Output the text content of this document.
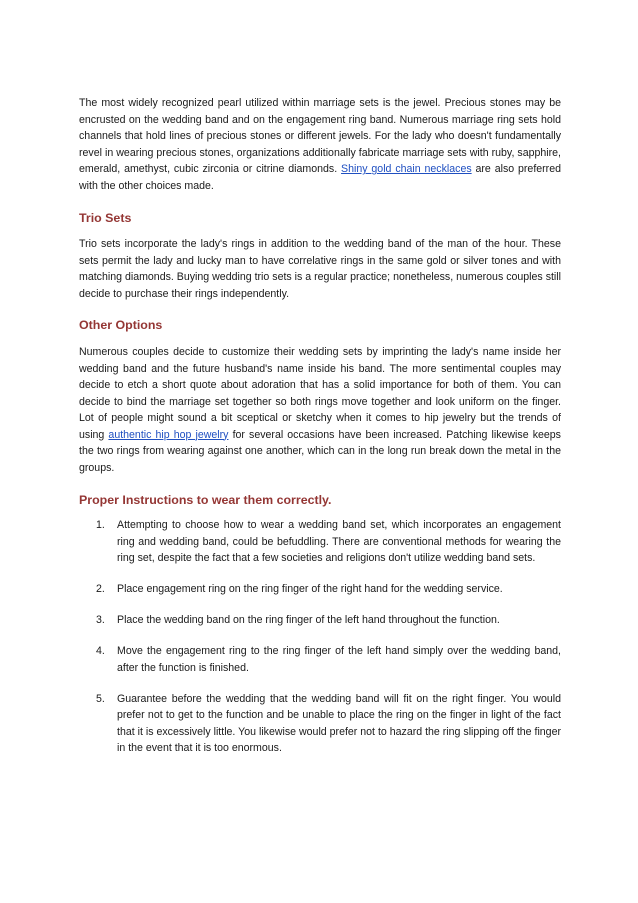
The most widely recognized pearl utilized within marriage sets is the jewel. Precious stones may be encrusted on the wedding band and on the engagement ring band. Numerous marriage ring sets hold channels that hold lines of precious stones or different jewels. For the lady who doesn't fundamentally revel in wearing precious stones, organizations additionally fabricate marriage sets with ruby, sapphire, emerald, amethyst, cubic zirconia or citrine diamonds. Shiny gold chain necklaces are also preferred with the other choices made.

Trio Sets

Trio sets incorporate the lady's rings in addition to the wedding band of the man of the hour. These sets permit the lady and lucky man to have correlative rings in the same gold or silver tones and with matching diamonds. Buying wedding trio sets is a regular practice; nonetheless, numerous couples still decide to purchase their rings independently.

Other Options

Numerous couples decide to customize their wedding sets by imprinting the lady's name inside her wedding band and the future husband's name inside his band. The more sentimental couples may decide to etch a short quote about adoration that has a solid importance for both of them. You can decide to bind the marriage set together so both rings move together and look uniform on the finger. Lot of people might sound a bit sceptical or sketchy when it comes to hip jewelry but the trends of using authentic hip hop jewelry for several occasions have been increased. Patching likewise keeps the two rings from wearing against one another, which can in the long run break down the metal in the groups.

Proper Instructions to wear them correctly.
1. Attempting to choose how to wear a wedding band set, which incorporates an engagement ring and wedding band, could be befuddling. There are conventional methods for wearing the ring set, despite the fact that a few societies and religions don't utilize wedding band sets.
2. Place engagement ring on the ring finger of the right hand for the wedding service.
3. Place the wedding band on the ring finger of the left hand throughout the function.
4. Move the engagement ring to the ring finger of the left hand simply over the wedding band, after the function is finished.
5. Guarantee before the wedding that the wedding band will fit on the right finger. You would prefer not to get to the function and be unable to place the ring on the finger in light of the fact that it is excessively little. You likewise would prefer not to hazard the ring slipping off the finger in the event that it is too enormous.
